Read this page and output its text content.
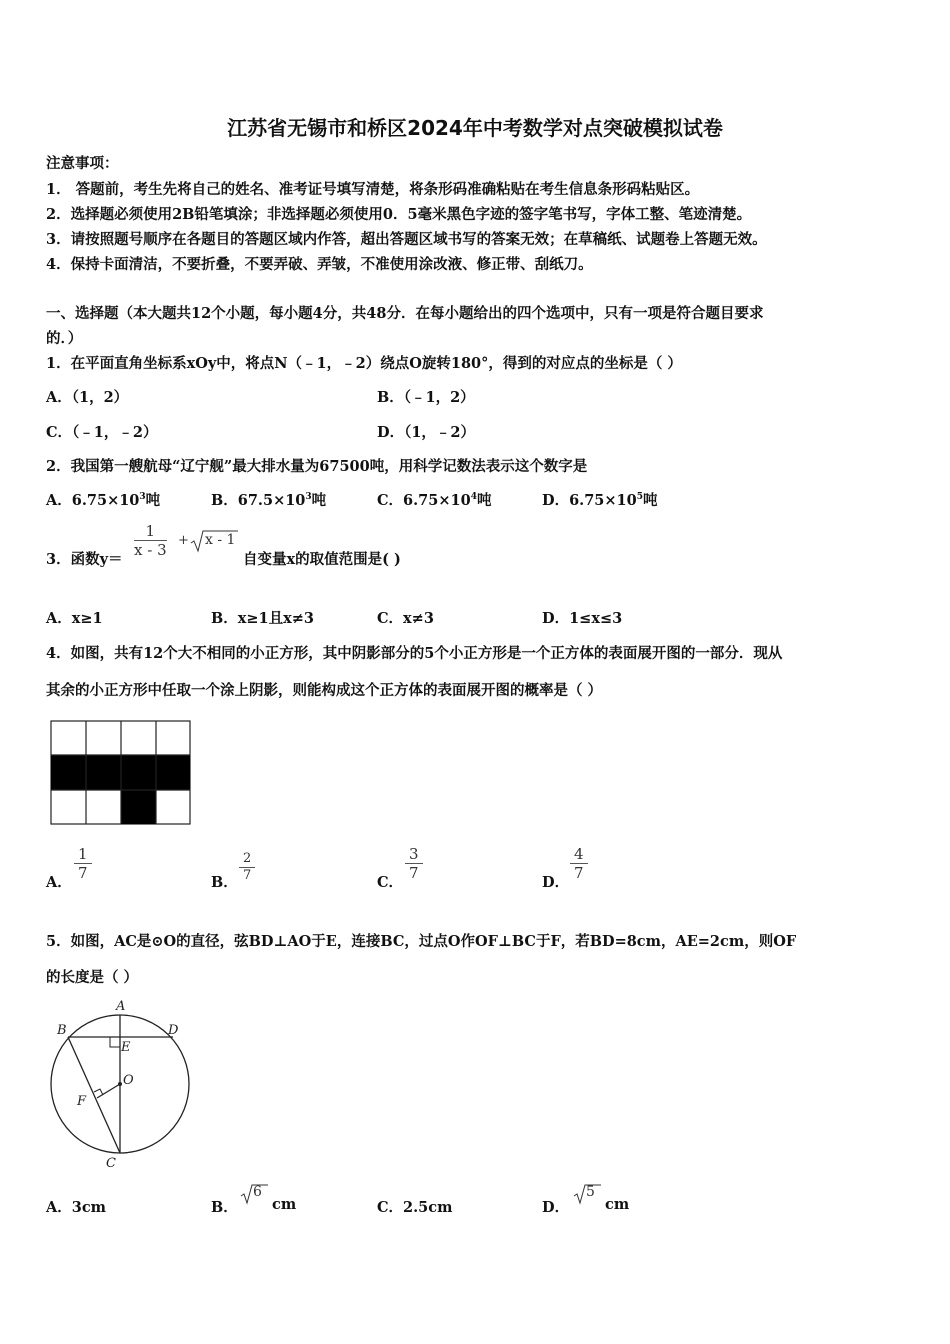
江苏省无锡市和桥区2024年中考数学对点突破模拟试卷
注意事项：
1． 答题前，考生先将自己的姓名、准考证号填写清楚，将条形码准确粘贴在考生信息条形码粘贴区。
2．选择题必须使用2B铅笔填涂；非选择题必须使用0．5毫米黑色字迹的签字笔书写，字体工整、笔迹清楚。
3．请按照题号顺序在各题目的答题区域内作答，超出答题区域书写的答案无效；在草稿纸、试题卷上答题无效。
4．保持卡面清洁，不要折叠，不要弄破、弄皱，不准使用涂改液、修正带、刮纸刀。
一、选择题（本大题共12个小题，每小题4分，共48分．在每小题给出的四个选项中，只有一项是符合题目要求
的．）
1．在平面直角坐标系xOy中，将点N（﹣1，﹣2）绕点O旋转180°，得到的对应点的坐标是（ ）
A．（1，2）	B．（﹣1，2）
C．（﹣1，﹣2）	D．（1，﹣2）
2．我国第一艘航母“辽宁舰”最大排水量为67500吨，用科学记数法表示这个数字是
A．$6.75\times 10^3$吨	B．$67.5\times 10^3$吨	C．$6.75\times 10^4$吨	D．$6.75\times 10^5$吨
3．函数y＝
$\frac{1}{x - 3} + x - 1$
自变量x的取值范围是( )
A．x≥1	B．x≥1且x≠3	C．x≠3	D．1≤x≤3
4．如图，共有12个大不相同的小正方形，其中阴影部分的5个小正方形是一个正方体的表面展开图的一部分．现从
其余的小正方形中任取一个涂上阴影，则能构成这个正方体的表面展开图的概率是（ ）
A．
$\frac{1}{7}$
B． $\frac{2}{7}$	C．
$\frac{3}{7}$
D．
$\frac{4}{7}$
5．如图，AC是⊙O的直径，弦BD⊥AO于E，连接BC，过点O作OF⊥BC于F，若BD=8cm，AE=2cm，则OF
的长度是（ ）
A
B	D
E
O
F
C
A．3cm	B．
6
cm	C．2.5cm	D．
5
cm
